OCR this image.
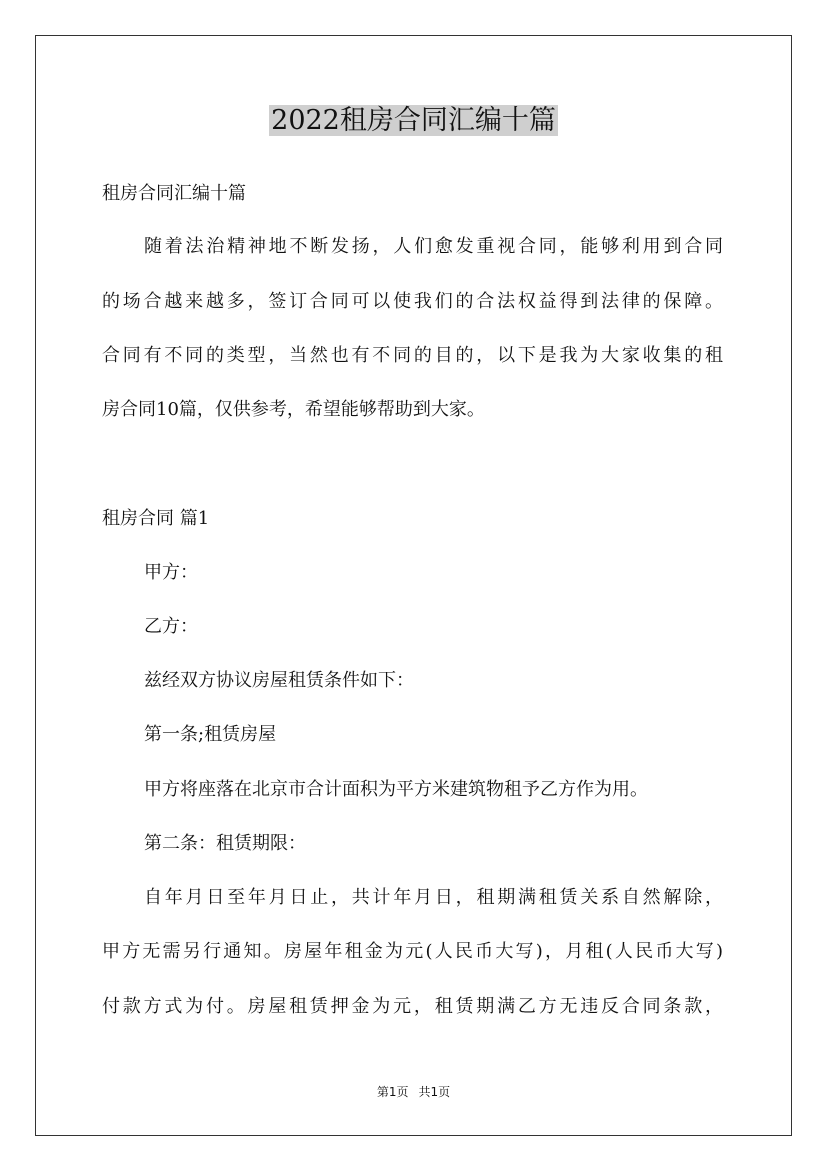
2022租房合同汇编十篇
租房合同汇编十篇
随着法治精神地不断发扬，人们愈发重视合同，能够利用到合同
的场合越来越多，签订合同可以使我们的合法权益得到法律的保障。
合同有不同的类型，当然也有不同的目的，以下是我为大家收集的租
房合同10篇，仅供参考，希望能够帮助到大家。
租房合同 篇1
甲方：
乙方：
兹经双方协议房屋租赁条件如下：
第一条;租赁房屋
甲方将座落在北京市合计面积为平方米建筑物租予乙方作为用。
第二条：租赁期限：
自年月日至年月日止，共计年月日，租期满租赁关系自然解除，
甲方无需另行通知。房屋年租金为元(人民币大写)，月租(人民币大写)
付款方式为付。房屋租赁押金为元，租赁期满乙方无违反合同条款，
第1页 共1页
